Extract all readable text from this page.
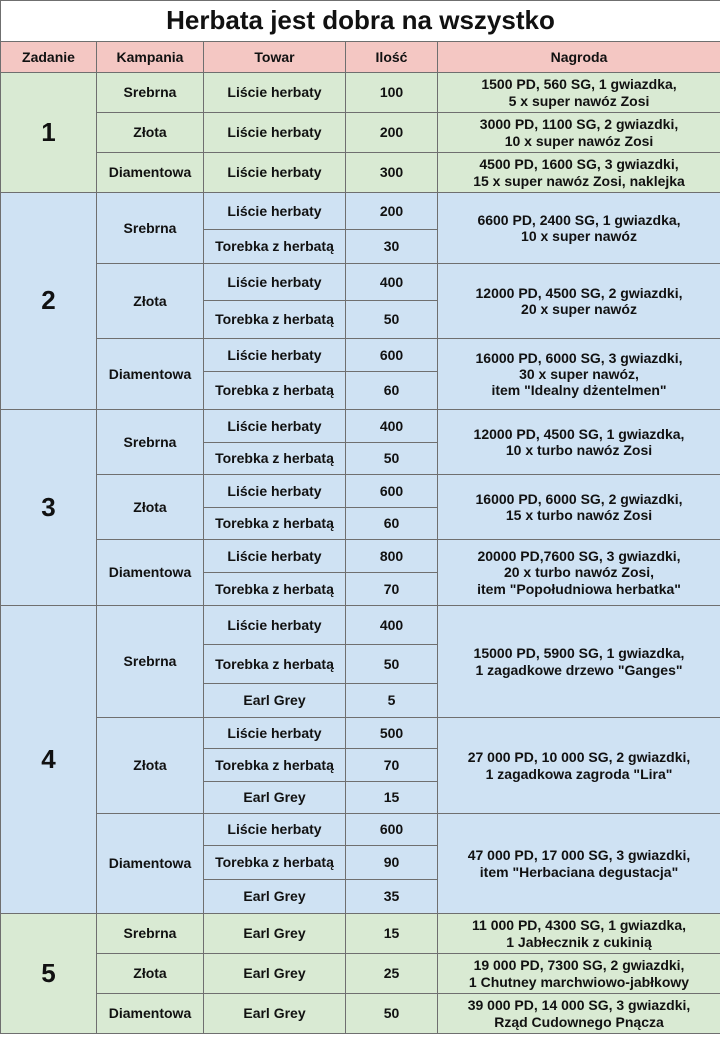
Herbata jest dobra na wszystko				
Zadanie	Kampania	Towar	Ilość	Nagroda
1	Srebrna	Liście herbaty	100	1500 PD, 560 SG, 1 gwiazdka,
5 x super nawóz Zosi

	Złota	Liście herbaty	200	3000 PD, 1100 SG, 2 gwiazdki,
10 x super nawóz Zosi

	Diamentowa	Liście herbaty	300	4500 PD, 1600 SG, 3 gwiazdki,
15 x super nawóz Zosi, naklejka

2	Srebrna	Liście herbaty	200	6600 PD, 2400 SG, 1 gwiazdka,
10 x super nawóz

		Torebka z herbatą	30	
	Złota	Liście herbaty	400	12000 PD, 4500 SG, 2 gwiazdki,
20 x super nawóz

		Torebka z herbatą	50	
	Diamentowa	Liście herbaty	600	16000 PD, 6000 SG, 3 gwiazdki,
30 x super nawóz,
item "Idealny dżentelmen"

		Torebka z herbatą	60	
3	Srebrna	Liście herbaty	400	12000 PD, 4500 SG, 1 gwiazdka,
10 x turbo nawóz Zosi

		Torebka z herbatą	50	
	Złota	Liście herbaty	600	16000 PD, 6000 SG, 2 gwiazdki,
15 x turbo nawóz Zosi

		Torebka z herbatą	60	
	Diamentowa	Liście herbaty	800	20000 PD,7600 SG, 3 gwiazdki,
20 x turbo nawóz Zosi,
item "Popołudniowa herbatka"

		Torebka z herbatą	70	
4	Srebrna	Liście herbaty	400	15000 PD, 5900 SG, 1 gwiazdka,
1 zagadkowe drzewo "Ganges"

		Torebka z herbatą	50	
		Earl Grey	5	
	Złota	Liście herbaty	500	27 000 PD, 10 000 SG, 2 gwiazdki,
1 zagadkowa zagroda "Lira"

		Torebka z herbatą	70	
		Earl Grey	15	
	Diamentowa	Liście herbaty	600	47 000 PD, 17 000 SG, 3 gwiazdki,
item "Herbaciana degustacja"

		Torebka z herbatą	90	
		Earl Grey	35	
5	Srebrna	Earl Grey	15	11 000 PD, 4300 SG, 1 gwiazdka,
1 Jabłecznik z cukinią

	Złota	Earl Grey	25	19 000 PD, 7300 SG, 2 gwiazdki,
1 Chutney marchwiowo-jabłkowy

	Diamentowa	Earl Grey	50	39 000 PD, 14 000 SG, 3 gwiazdki,
Rząd Cudownego Pnącza
